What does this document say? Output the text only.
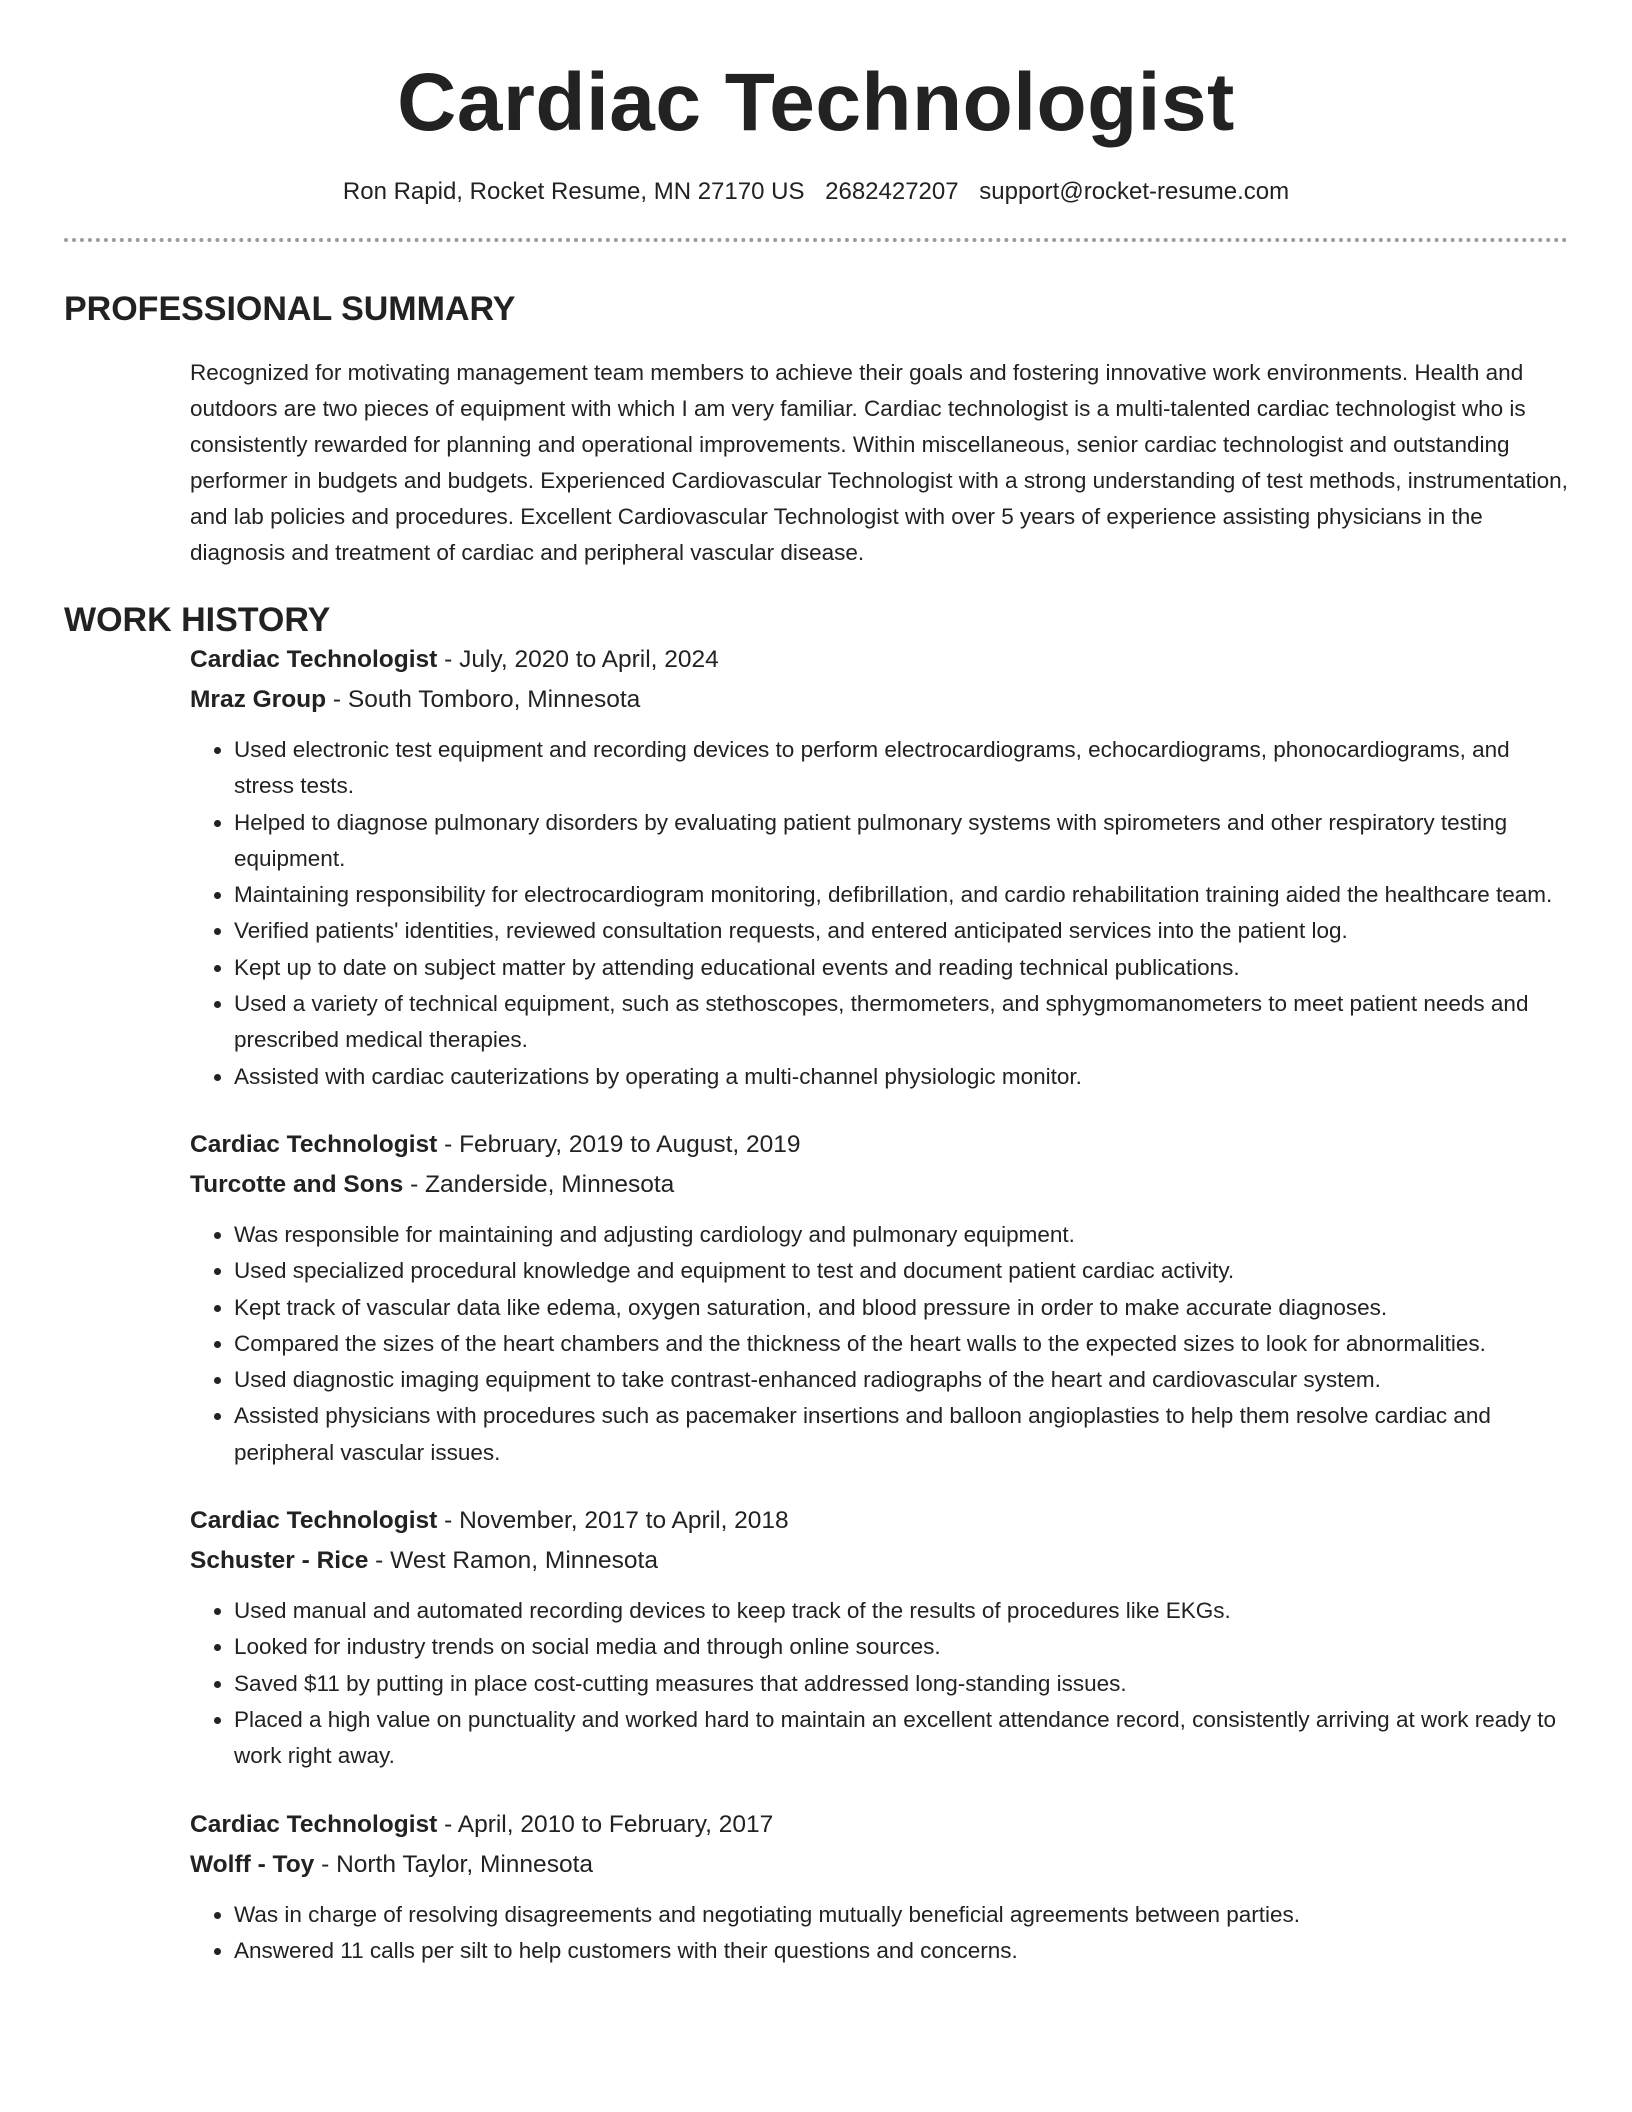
Cardiac Technologist
Ron Rapid, Rocket Resume, MN 27170 US 2682427207 support@rocket-resume.com
PROFESSIONAL SUMMARY

Recognized for motivating management team members to achieve their goals and fostering innovative work environments. Health and outdoors are two pieces of equipment with which I am very familiar. Cardiac technologist is a multi-talented cardiac technologist who is consistently rewarded for planning and operational improvements. Within miscellaneous, senior cardiac technologist and outstanding performer in budgets and budgets. Experienced Cardiovascular Technologist with a strong understanding of test methods, instrumentation, and lab policies and procedures. Excellent Cardiovascular Technologist with over 5 years of experience assisting physicians in the diagnosis and treatment of cardiac and peripheral vascular disease.

WORK HISTORY

Cardiac Technologist - July, 2020 to April, 2024

Mraz Group - South Tomboro, Minnesota

• Used electronic test equipment and recording devices to perform electrocardiograms, echocardiograms, phonocardiograms, and stress tests.
• Helped to diagnose pulmonary disorders by evaluating patient pulmonary systems with spirometers and other respiratory testing equipment.
• Maintaining responsibility for electrocardiogram monitoring, defibrillation, and cardio rehabilitation training aided the healthcare team.
• Verified patients' identities, reviewed consultation requests, and entered anticipated services into the patient log.
• Kept up to date on subject matter by attending educational events and reading technical publications.
• Used a variety of technical equipment, such as stethoscopes, thermometers, and sphygmomanometers to meet patient needs and prescribed medical therapies.
• Assisted with cardiac cauterizations by operating a multi-channel physiologic monitor.

Cardiac Technologist - February, 2019 to August, 2019

Turcotte and Sons - Zanderside, Minnesota

• Was responsible for maintaining and adjusting cardiology and pulmonary equipment.
• Used specialized procedural knowledge and equipment to test and document patient cardiac activity.
• Kept track of vascular data like edema, oxygen saturation, and blood pressure in order to make accurate diagnoses.
• Compared the sizes of the heart chambers and the thickness of the heart walls to the expected sizes to look for abnormalities.
• Used diagnostic imaging equipment to take contrast-enhanced radiographs of the heart and cardiovascular system.
• Assisted physicians with procedures such as pacemaker insertions and balloon angioplasties to help them resolve cardiac and peripheral vascular issues.

Cardiac Technologist - November, 2017 to April, 2018

Schuster - Rice - West Ramon, Minnesota

• Used manual and automated recording devices to keep track of the results of procedures like EKGs.
• Looked for industry trends on social media and through online sources.
• Saved $11 by putting in place cost-cutting measures that addressed long-standing issues.
• Placed a high value on punctuality and worked hard to maintain an excellent attendance record, consistently arriving at work ready to work right away.

Cardiac Technologist - April, 2010 to February, 2017

Wolff - Toy - North Taylor, Minnesota

• Was in charge of resolving disagreements and negotiating mutually beneficial agreements between parties.
• Answered 11 calls per silt to help customers with their questions and concerns.
